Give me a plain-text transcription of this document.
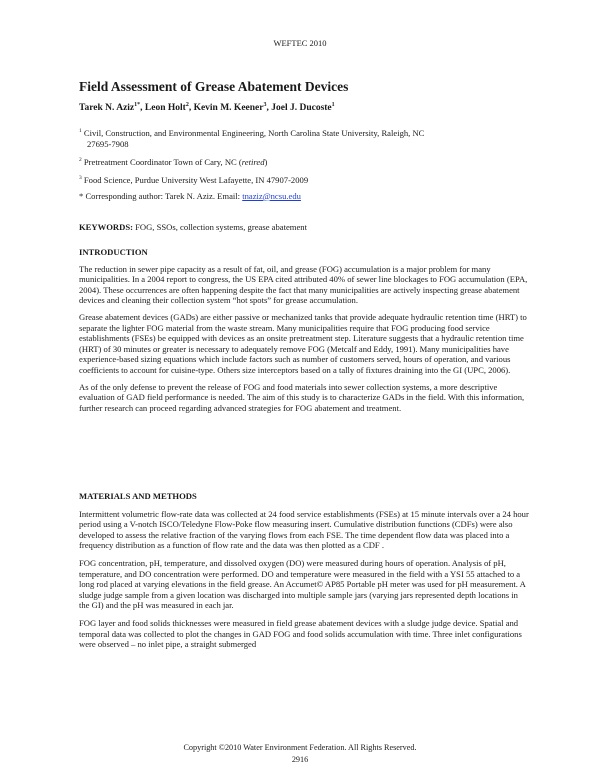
WEFTEC 2010
Field Assessment of Grease Abatement Devices
Tarek N. Aziz$^{1*}$, Leon Holt$^2$, Kevin M. Keener$^3$, Joel J. Ducoste$^1$

$^1$ Civil, Construction, and Environmental Engineering, North Carolina State University, Raleigh, NC
27695-7908

$^2$ Pretreatment Coordinator Town of Cary, NC (retired)

$^3$ Food Science, Purdue University West Lafayette, IN 47907-2009

* Corresponding author: Tarek N. Aziz. Email: tnaziz@ncsu.edu

KEYWORDS: FOG, SSOs, collection systems, grease abatement
INTRODUCTION

The reduction in sewer pipe capacity as a result of fat, oil, and grease (FOG) accumulation is a major problem for many municipalities. In a 2004 report to congress, the US EPA cited attributed 40% of sewer line blockages to FOG accumulation (EPA, 2004). These occurrences are often happening despite the fact that many municipalities are actively inspecting grease abatement devices and cleaning their collection system “hot spots” for grease accumulation.

Grease abatement devices (GADs) are either passive or mechanized tanks that provide adequate hydraulic retention time (HRT) to separate the lighter FOG material from the waste stream. Many municipalities require that FOG producing food service establishments (FSEs) be equipped with devices as an onsite pretreatment step. Literature suggests that a hydraulic retention time (HRT) of 30 minutes or greater is necessary to adequately remove FOG (Metcalf and Eddy, 1991). Many municipalities have experience-based sizing equations which include factors such as number of customers served, hours of operation, and various coefficients to account for cuisine-type. Others size interceptors based on a tally of fixtures draining into the GI (UPC, 2006).

As of the only defense to prevent the release of FOG and food materials into sewer collection systems, a more descriptive evaluation of GAD field performance is needed. The aim of this study is to characterize GADs in the field. With this information, further research can proceed regarding advanced strategies for FOG abatement and treatment.

MATERIALS AND METHODS

Intermittent volumetric flow-rate data was collected at 24 food service establishments (FSEs) at 15 minute intervals over a 24 hour period using a V-notch ISCO/Teledyne Flow-Poke flow measuring insert. Cumulative distribution functions (CDFs) were also developed to assess the relative fraction of the varying flows from each FSE. The time dependent flow data was placed into a frequency distribution as a function of flow rate and the data was then plotted as a CDF .

FOG concentration, pH, temperature, and dissolved oxygen (DO) were measured during hours of operation. Analysis of pH, temperature, and DO concentration were performed. DO and temperature were measured in the field with a YSI 55 attached to a long rod placed at varying elevations in the field grease. An Accumet© AP85 Portable pH meter was used for pH measurement. A sludge judge sample from a given location was discharged into multiple sample jars (varying jars represented depth locations in the GI) and the pH was measured in each jar.

FOG layer and food solids thicknesses were measured in field grease abatement devices with a sludge judge device. Spatial and temporal data was collected to plot the changes in GAD FOG and food solids accumulation with time. Three inlet configurations were observed – no inlet pipe, a straight submerged

Copyright ©2010 Water Environment Federation. All Rights Reserved.
2916
